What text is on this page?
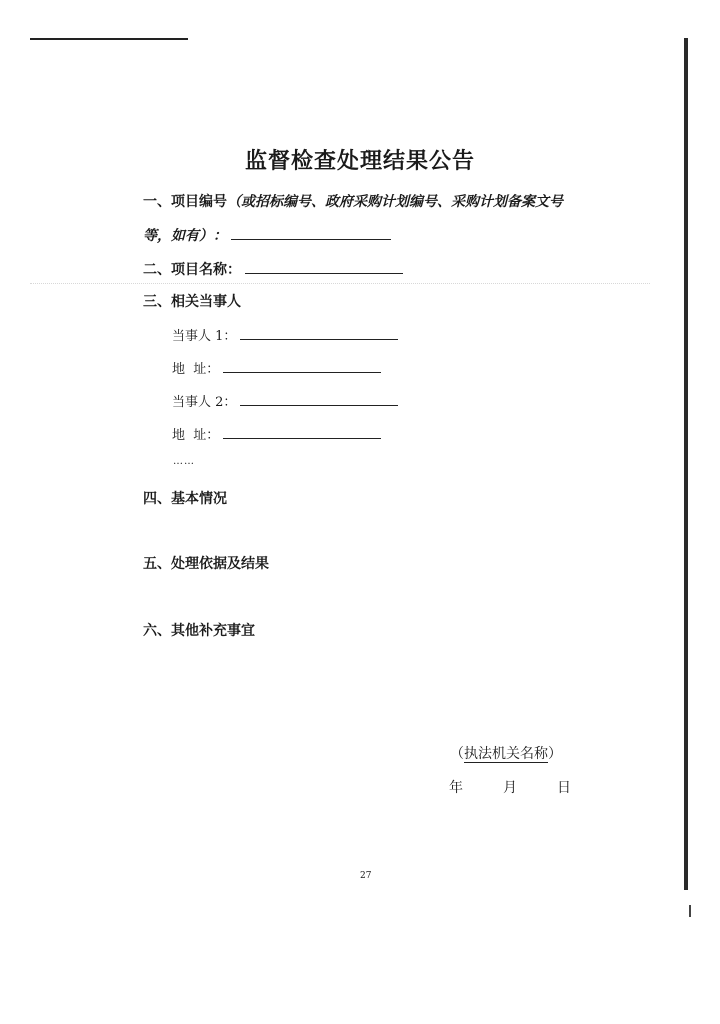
监督检查处理结果公告
一、项目编号（或招标编号、政府采购计划编号、采购计划备案文号
等，如有）：
二、项目名称：
三、相关当事人
当事人 1：
地  址：
当事人 2：
地  址：
……
四、基本情况
五、处理依据及结果
六、其他补充事宜
（执法机关名称）
年	月	日
27
